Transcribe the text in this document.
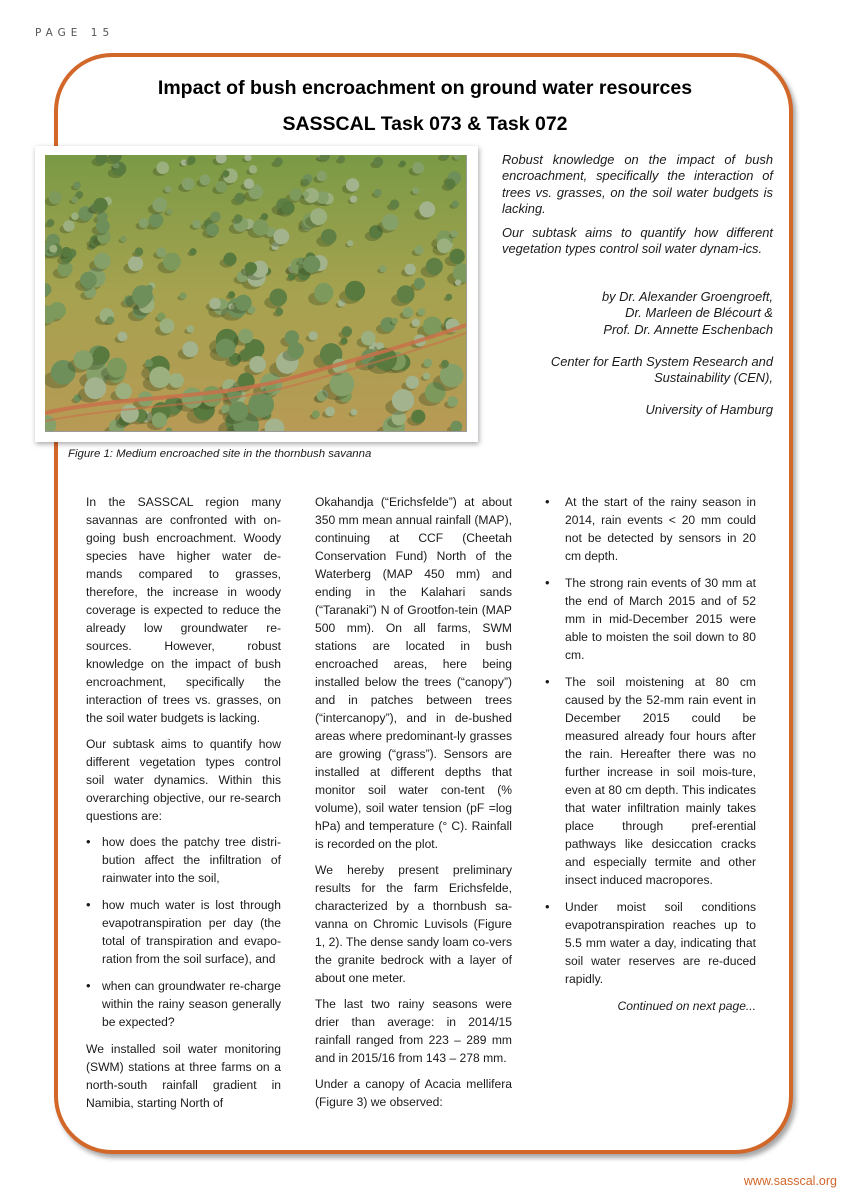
PAGE 15
Impact of bush encroachment on ground water resources
SASSCAL Task 073 & Task 072
Figure 1: Medium encroached site in the thornbush savanna

Robust knowledge on the impact of bush encroachment, specifically the interaction of trees vs. grasses, on the soil water budgets is lacking.

Our subtask aims to quantify how different vegetation types control soil water dynam-ics.

by Dr. Alexander Groengroeft,

Dr. Marleen de Blécourt &

Prof. Dr. Annette Eschenbach

Center for Earth System Research and

Sustainability (CEN),

University of Hamburg

In the SASSCAL region many savannas are confronted with on-going bush encroachment. Woody species have higher water de-mands compared to grasses, therefore, the increase in woody coverage is expected to reduce the already low groundwater re-sources. However, robust knowledge on the impact of bush encroachment, specifically the interaction of trees vs. grasses, on the soil water budgets is lacking.

Our subtask aims to quantify how different vegetation types control soil water dynamics. Within this overarching objective, our re-search questions are:

• how does the patchy tree distri-bution affect the infiltration of rainwater into the soil,
• how much water is lost through evapotranspiration per day (the total of transpiration and evapo-ration from the soil surface), and
• when can groundwater re-charge within the rainy season generally be expected?

We installed soil water monitoring (SWM) stations at three farms on a north-south rainfall gradient in Namibia, starting North of

Okahandja (“Erichsfelde”) at about 350 mm mean annual rainfall (MAP), continuing at CCF (Cheetah Conservation Fund) North of the Waterberg (MAP 450 mm) and ending in the Kalahari sands (“Taranaki”) N of Grootfon-tein (MAP 500 mm). On all farms, SWM stations are located in bush encroached areas, here being installed below the trees (“canopy”) and in patches between trees (“intercanopy”), and in de-bushed areas where predominant-ly grasses are growing (“grass”). Sensors are installed at different depths that monitor soil water con-tent (% volume), soil water tension (pF =log hPa) and temperature (° C). Rainfall is recorded on the plot.

We hereby present preliminary results for the farm Erichsfelde, characterized by a thornbush sa-vanna on Chromic Luvisols (Figure 1, 2). The dense sandy loam co-vers the granite bedrock with a layer of about one meter.

The last two rainy seasons were drier than average: in 2014/15 rainfall ranged from 223 – 289 mm and in 2015/16 from 143 – 278 mm.

Under a canopy of Acacia mellifera (Figure 3) we observed:

• At the start of the rainy season in 2014, rain events < 20 mm could not be detected by sensors in 20 cm depth.
• The strong rain events of 30 mm at the end of March 2015 and of 52 mm in mid-December 2015 were able to moisten the soil down to 80 cm.
• The soil moistening at 80 cm caused by the 52-mm rain event in December 2015 could be measured already four hours after the rain. Hereafter there was no further increase in soil mois-ture, even at 80 cm depth. This indicates that water infiltration mainly takes place through pref-erential pathways like desiccation cracks and especially termite and other insect induced macropores.
• Under moist soil conditions evapotranspiration reaches up to 5.5 mm water a day, indicating that soil water reserves are re-duced rapidly.
Continued on next page...
www.sasscal.org
